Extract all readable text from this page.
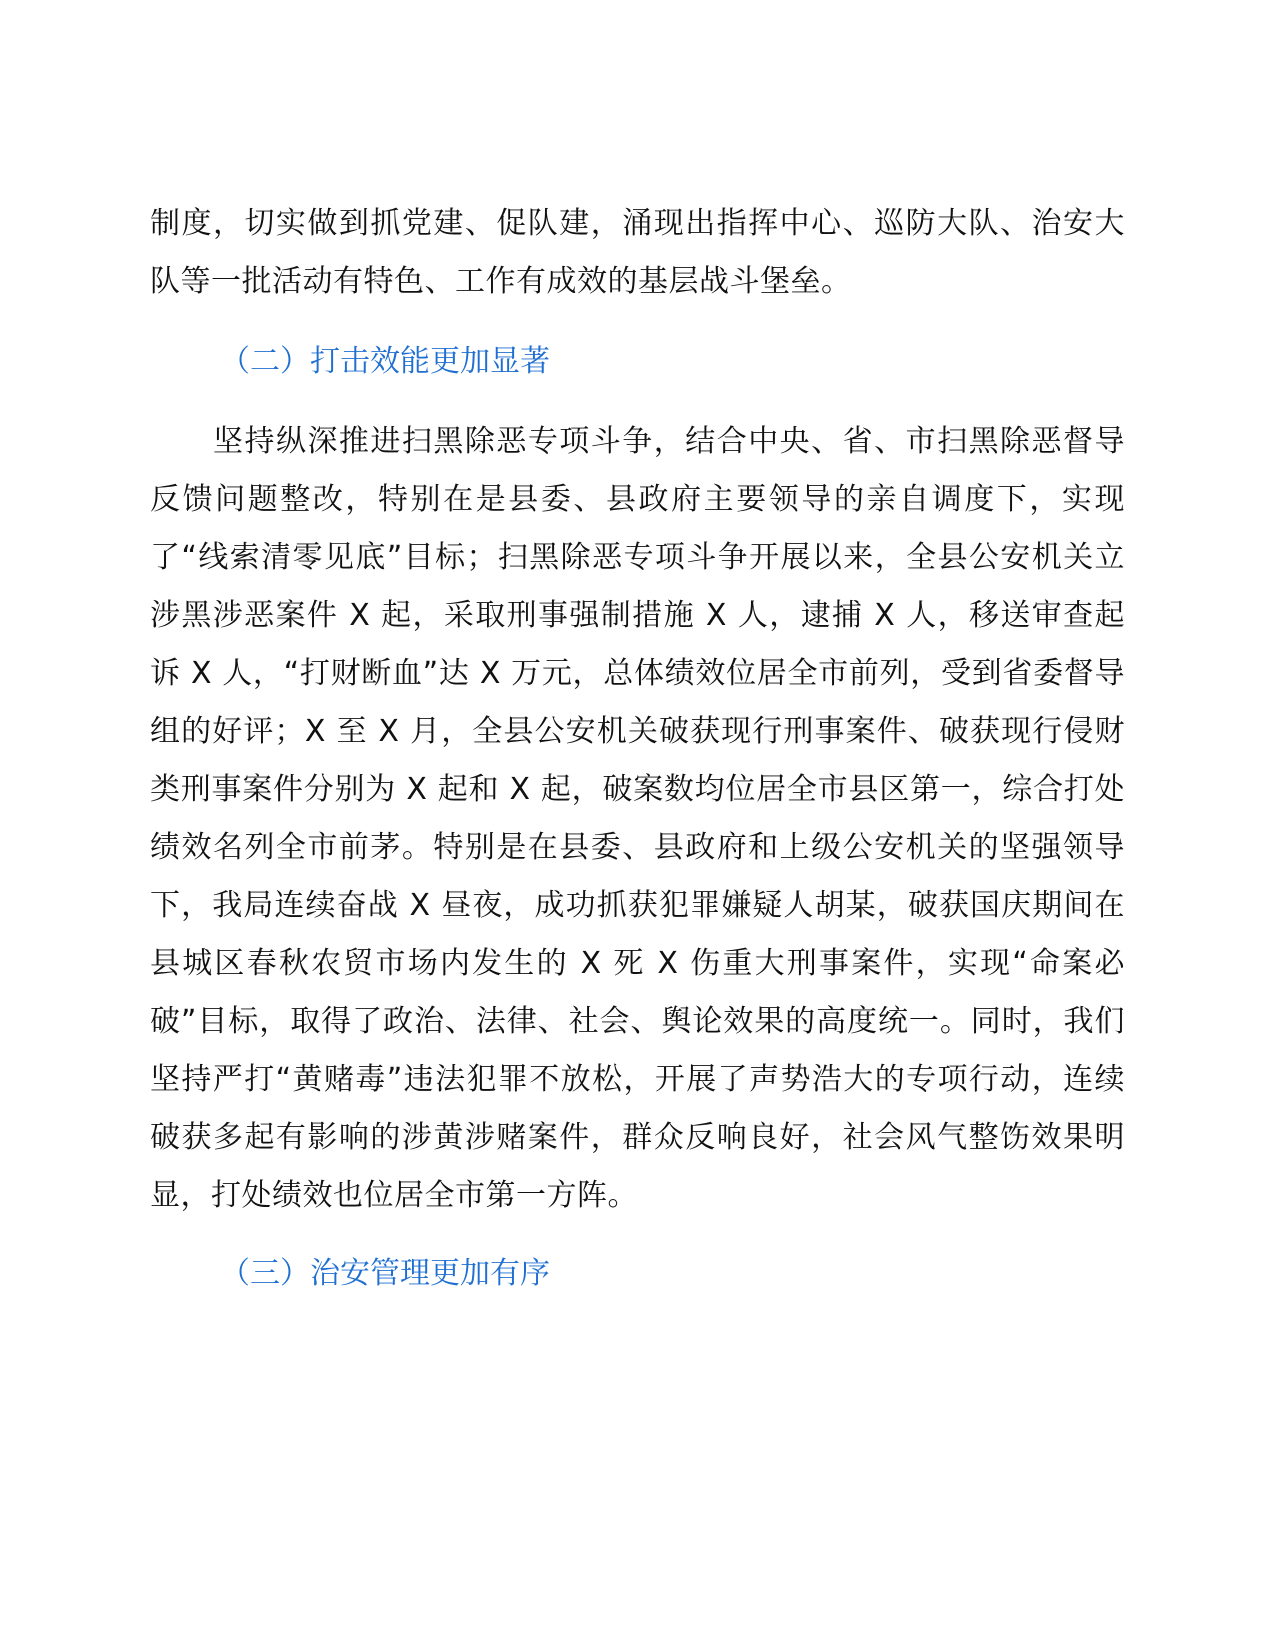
制度，切实做到抓党建、促队建，涌现出指挥中心、巡防大队、治安大队等一批活动有特色、工作有成效的基层战斗堡垒。

（二）打击效能更加显著

坚持纵深推进扫黑除恶专项斗争，结合中央、省、市扫黑除恶督导反馈问题整改，特别在是县委、县政府主要领导的亲自调度下，实现了“线索清零见底”目标；扫黑除恶专项斗争开展以来，全县公安机关立涉黑涉恶案件 X 起，采取刑事强制措施 X 人，逮捕 X 人，移送审查起诉 X 人，“打财断血”达 X 万元，总体绩效位居全市前列，受到省委督导组的好评；X 至 X 月，全县公安机关破获现行刑事案件、破获现行侵财类刑事案件分别为 X 起和 X 起，破案数均位居全市县区第一，综合打处绩效名列全市前茅。特别是在县委、县政府和上级公安机关的坚强领导下，我局连续奋战 X 昼夜，成功抓获犯罪嫌疑人胡某，破获国庆期间在县城区春秋农贸市场内发生的 X 死 X 伤重大刑事案件，实现“命案必破”目标，取得了政治、法律、社会、舆论效果的高度统一。同时，我们坚持严打“黄赌毒”违法犯罪不放松，开展了声势浩大的专项行动，连续破获多起有影响的涉黄涉赌案件，群众反响良好，社会风气整饬效果明显，打处绩效也位居全市第一方阵。

（三）治安管理更加有序
